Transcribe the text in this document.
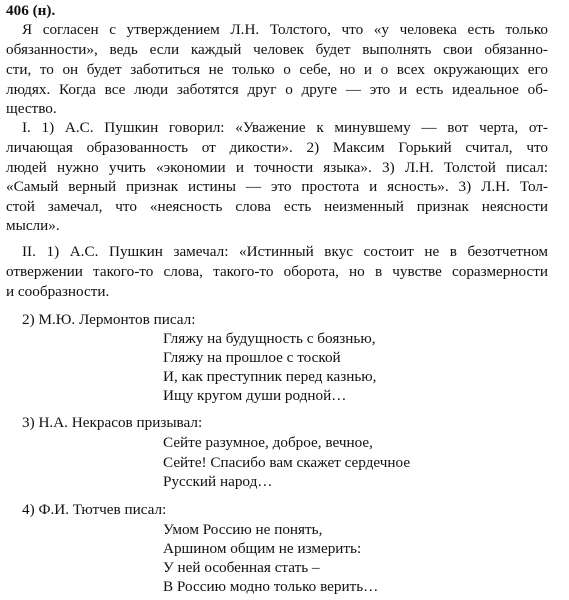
406 (н).
Я согласен с утверждением Л.Н. Толстого, что «у человека есть только
обязанности», ведь если каждый человек будет выполнять свои обязанно-
сти, то он будет заботиться не только о себе, но и о всех окружающих его
людях. Когда все люди заботятся друг о друге — это и есть идеальное об-
щество.
I. 1) А.С. Пушкин говорил: «Уважение к минувшему — вот черта, от-
личающая образованность от дикости». 2) Максим Горький считал, что
людей нужно учить «экономии и точности языка». 3) Л.Н. Толстой писал:
«Самый верный признак истины — это простота и ясность». 3) Л.Н. Тол-
стой замечал, что «неясность слова есть неизменный признак неясности
мысли».
II. 1) А.С. Пушкин замечал: «Истинный вкус состоит не в безотчетном
отвержении такого-то слова, такого-то оборота, но в чувстве соразмерности
и сообразности.
2) М.Ю. Лермонтов писал:
Гляжу на будущность с боязнью,
Гляжу на прошлое с тоской
И, как преступник перед казнью,
Ищу кругом души родной…
3) Н.А. Некрасов призывал:
Сейте разумное, доброе, вечное,
Сейте! Спасибо вам скажет сердечное
Русский народ…
4) Ф.И. Тютчев писал:
Умом Россию не понять,
Аршином общим не измерить:
У ней особенная стать –
В Россию модно только верить…
